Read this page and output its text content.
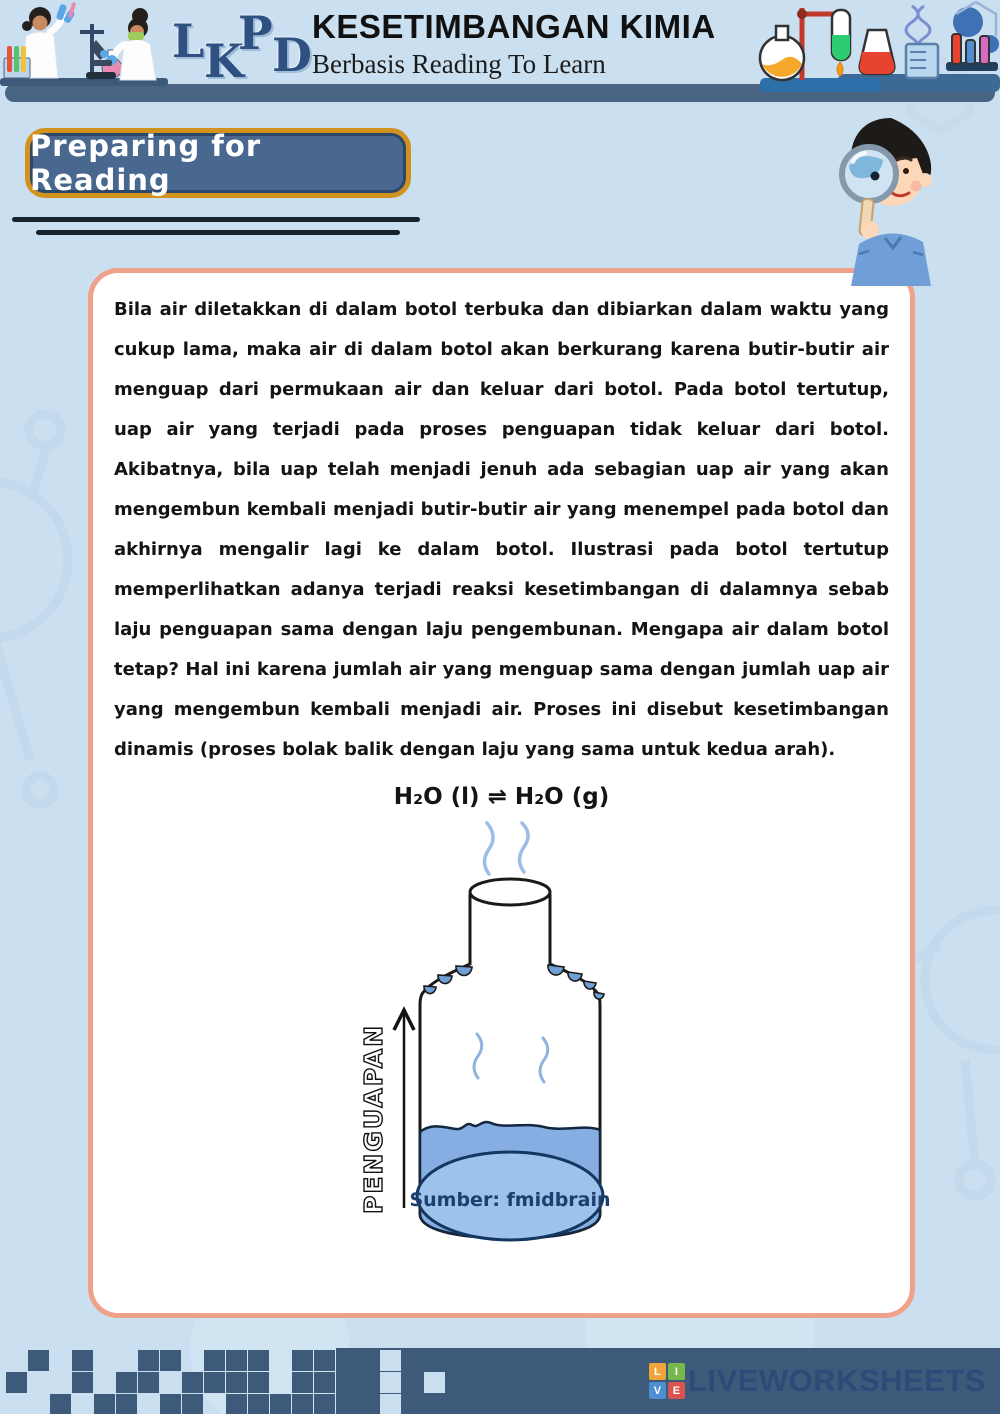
L K
P D
KESETIMBANGAN KIMIA
Berbasis Reading To Learn
Preparing for Reading

Bila air diletakkan di dalam botol terbuka dan dibiarkan dalam waktu yang cukup lama, maka air di dalam botol akan berkurang karena butir-butir air menguap dari permukaan air dan keluar dari botol. Pada botol tertutup, uap air yang terjadi pada proses penguapan tidak keluar dari botol. Akibatnya, bila uap telah menjadi jenuh ada sebagian uap air yang akan mengembun kembali menjadi butir-butir air yang menempel pada botol dan akhirnya mengalir lagi ke dalam botol. Ilustrasi pada botol tertutup memperlihatkan adanya terjadi reaksi kesetimbangan di dalamnya sebab laju penguapan sama dengan laju pengembunan. Mengapa air dalam botol tetap? Hal ini karena jumlah air yang menguap sama dengan jumlah uap air yang mengembun kembali menjadi air. Proses ini disebut kesetimbangan dinamis (proses bolak balik dengan laju yang sama untuk kedua arah).

H₂O (l) ⇌ H₂O (g)
Sumber: fmidbrain
PENGUAPAN
L	I
V	E LIVEWORKSHEETS
